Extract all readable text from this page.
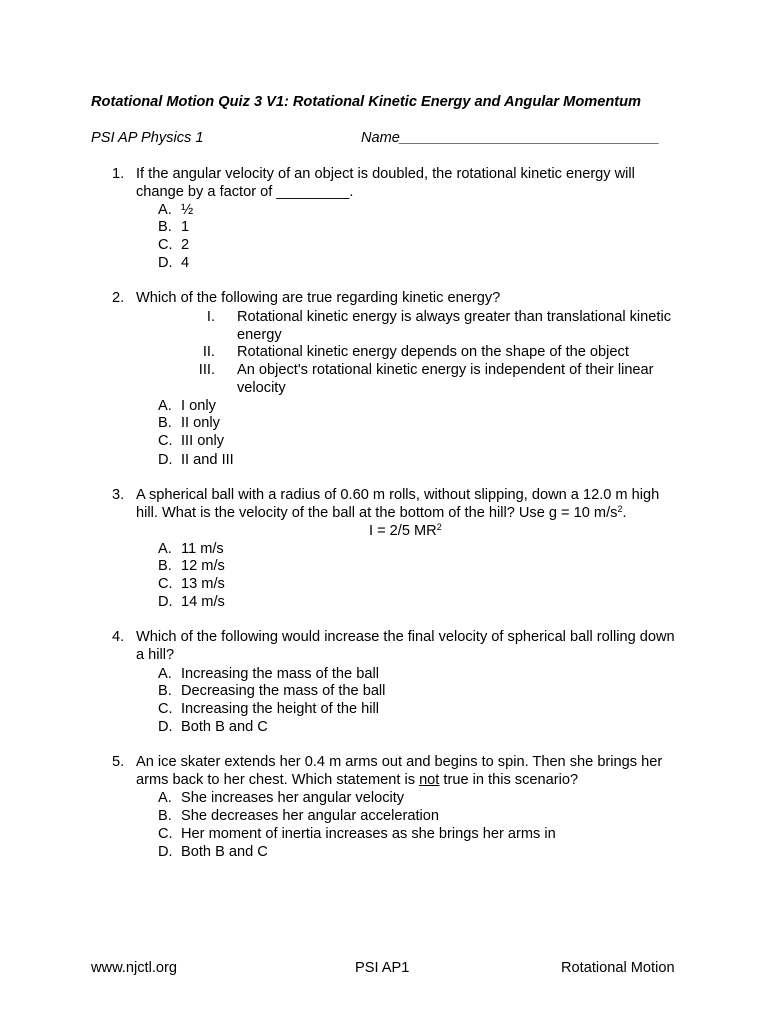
Rotational Motion Quiz 3 V1: Rotational Kinetic Energy and Angular Momentum
PSI AP Physics 1	Name________________________________
1. If the angular velocity of an object is doubled, the rotational kinetic energy will change by a factor of _________.
A. ½
B. 1
C. 2
D. 4
2. Which of the following are true regarding kinetic energy?
I. Rotational kinetic energy is always greater than translational kinetic energy
II. Rotational kinetic energy depends on the shape of the object
III. An object's rotational kinetic energy is independent of their linear velocity
A. I only
B. II only
C. III only
D. II and III
3. A spherical ball with a radius of 0.60 m rolls, without slipping, down a 12.0 m high hill. What is the velocity of the ball at the bottom of the hill? Use g = 10 $m/s^2$.
I = 2/5 $MR^2$
A. 11 m/s
B. 12 m/s
C. 13 m/s
D. 14 m/s
4. Which of the following would increase the final velocity of spherical ball rolling down a hill?
A. Increasing the mass of the ball
B. Decreasing the mass of the ball
C. Increasing the height of the hill
D. Both B and C
5. An ice skater extends her 0.4 m arms out and begins to spin. Then she brings her arms back to her chest. Which statement is not true in this scenario?
A. She increases her angular velocity
B. She decreases her angular acceleration
C. Her moment of inertia increases as she brings her arms in
D. Both B and C
www.njctl.org	PSI AP1	Rotational Motion
